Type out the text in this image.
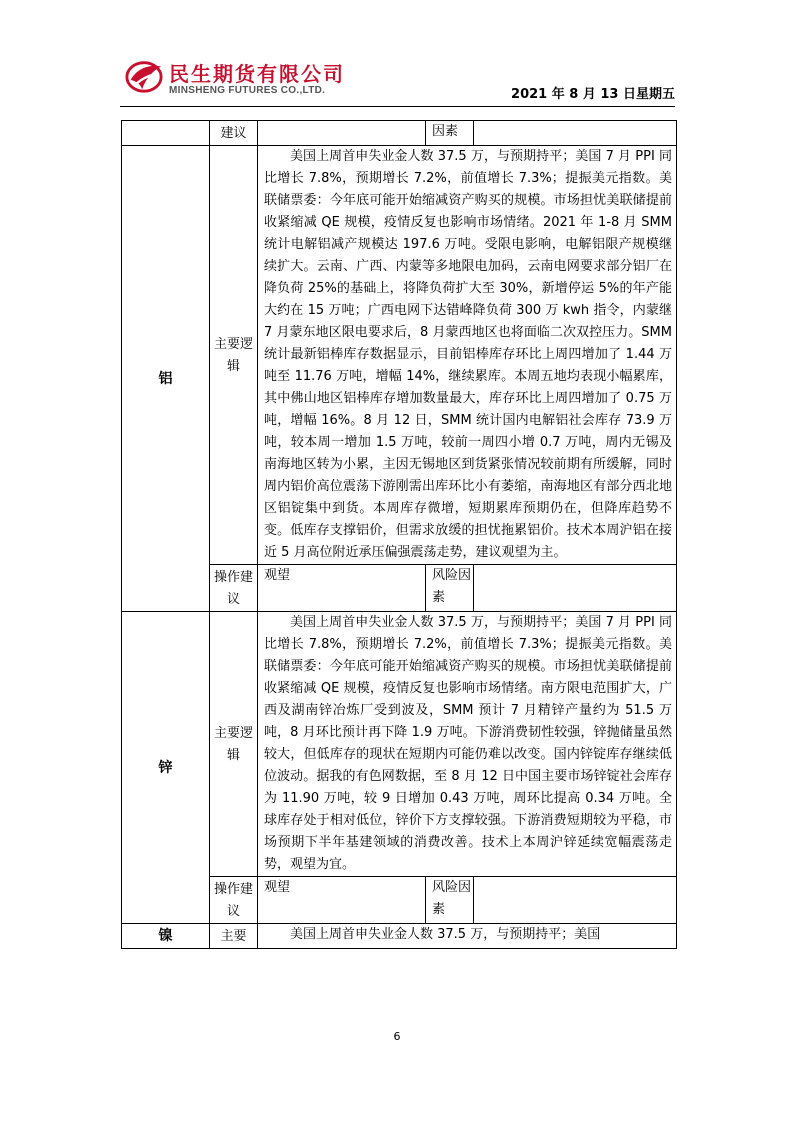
民生期货有限公司
MINSHENG FUTURES CO.,LTD.	2021 年 8 月 13 日星期五
	建议		因素	
铝	主要逻辑	美国上周首申失业金人数 37.5 万，与预期持平；美国 7 月 PPI 同比增长 7.8%，预期增长 7.2%，前值增长 7.3%；提振美元指数。美联储票委：今年底可能开始缩减资产购买的规模。市场担忧美联储提前收紧缩减 QE 规模，疫情反复也影响市场情绪。2021 年 1-8 月 SMM 统计电解铝减产规模达 197.6 万吨。受限电影响，电解铝限产规模继续扩大。云南、广西、内蒙等多地限电加码，云南电网要求部分铝厂在降负荷 25%的基础上，将降负荷扩大至 30%，新增停运 5%的年产能大约在 15 万吨；广西电网下达错峰降负荷 300 万 kwh 指令，内蒙继 7 月蒙东地区限电要求后，8 月蒙西地区也将面临二次双控压力。SMM 统计最新铝棒库存数据显示，目前铝棒库存环比上周四增加了 1.44 万吨至 11.76 万吨，增幅 14%，继续累库。本周五地均表现小幅累库，其中佛山地区铝棒库存增加数量最大，库存环比上周四增加了 0.75 万吨，增幅 16%。8 月 12 日，SMM 统计国内电解铝社会库存 73.9 万吨，较本周一增加 1.5 万吨，较前一周四小增 0.7 万吨，周内无锡及南海地区转为小累，主因无锡地区到货紧张情况较前期有所缓解，同时周内铝价高位震荡下游刚需出库环比小有萎缩，南海地区有部分西北地区铝锭集中到货。本周库存微增，短期累库预期仍在，但降库趋势不变。低库存支撑铝价，但需求放缓的担忧拖累铝价。技术本周沪铝在接近 5 月高位附近承压偏强震荡走势，建议观望为主。		

	操作建议	观望	风险因素	
锌	主要逻辑	美国上周首申失业金人数 37.5 万，与预期持平；美国 7 月 PPI 同比增长 7.8%，预期增长 7.2%，前值增长 7.3%；提振美元指数。美联储票委：今年底可能开始缩减资产购买的规模。市场担忧美联储提前收紧缩减 QE 规模，疫情反复也影响市场情绪。南方限电范围扩大，广西及湖南锌冶炼厂受到波及，SMM 预计 7 月精锌产量约为 51.5 万吨，8 月环比预计再下降 1.9 万吨。下游消费韧性较强，锌抛储量虽然较大，但低库存的现状在短期内可能仍难以改变。国内锌锭库存继续低位波动。据我的有色网数据，至 8 月 12 日中国主要市场锌锭社会库存为 11.90 万吨，较 9 日增加 0.43 万吨，周环比提高 0.34 万吨。全球库存处于相对低位，锌价下方支撑较强。下游消费短期较为平稳，市场预期下半年基建领域的消费改善。技术上本周沪锌延续宽幅震荡走势，观望为宜。		

	操作建议	观望	风险因素	
镍	主要	美国上周首申失业金人数 37.5 万，与预期持平；美国		

6
